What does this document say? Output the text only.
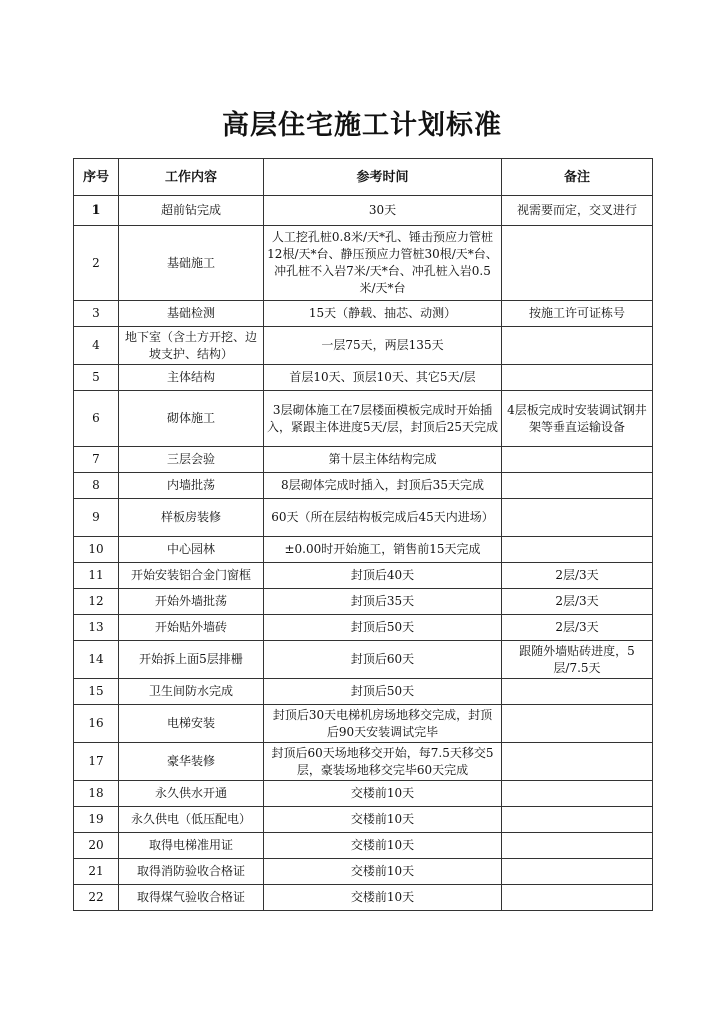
高层住宅施工计划标准
序号	工作内容	参考时间	备注
1	超前钻完成	30天	视需要而定，交叉进行
2	基础施工	人工挖孔桩0.8米/天*孔、锤击预应力管桩12根/天*台、静压预应力管桩30根/天*台、冲孔桩不入岩7米/天*台、冲孔桩入岩0.5米/天*台	
3	基础检测	15天（静载、抽芯、动测）	按施工许可证栋号
4	地下室（含土方开挖、边坡支护、结构）	一层75天，两层135天	
5	主体结构	首层10天、顶层10天、其它5天/层	
6	砌体施工	3层砌体施工在7层楼面模板完成时开始插入，紧跟主体进度5天/层，封顶后25天完成	4层板完成时安装调试钢井架等垂直运输设备
7	三层会验	第十层主体结构完成	
8	内墙批荡	8层砌体完成时插入，封顶后35天完成	
9	样板房装修	60天（所在层结构板完成后45天内进场）	
10	中心园林	±0.00时开始施工，销售前15天完成	
11	开始安装铝合金门窗框	封顶后40天	2层/3天
12	开始外墙批荡	封顶后35天	2层/3天
13	开始贴外墙砖	封顶后50天	2层/3天
14	开始拆上面5层排栅	封顶后60天	跟随外墙贴砖进度，5层/7.5天
15	卫生间防水完成	封顶后50天	
16	电梯安装	封顶后30天电梯机房场地移交完成，封顶后90天安装调试完毕	
17	豪华装修	封顶后60天场地移交开始，每7.5天移交5层，豪装场地移交完毕60天完成	
18	永久供水开通	交楼前10天	
19	永久供电（低压配电）	交楼前10天	
20	取得电梯准用证	交楼前10天	
21	取得消防验收合格证	交楼前10天	
22	取得煤气验收合格证	交楼前10天	
